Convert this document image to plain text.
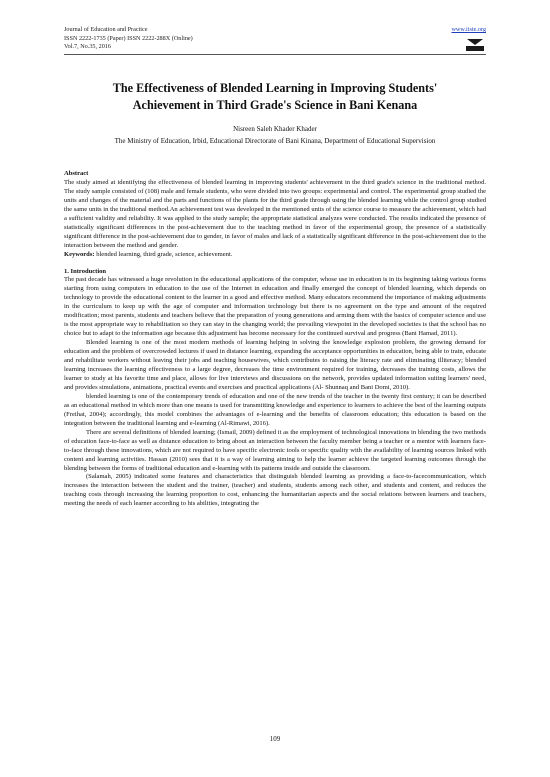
Journal of Education and Practice
ISSN 2222-1735 (Paper) ISSN 2222-288X (Online)
Vol.7, No.35, 2016
www.iiste.org
The Effectiveness of Blended Learning in Improving Students'
Achievement in Third Grade's Science in Bani Kenana
Nisreen Saleh Khader Khader
The Ministry of Education, Irbid, Educational Directorate of Bani Kinana, Department of Educational Supervision

Abstract

The study aimed at identifying the effectiveness of blended learning in improving students' achievement in the third grade's science in the traditional method. The study sample consisted of (108) male and female students, who were divided into two groups: experimental and control. The experimental group studied the units and changes of the material and the parts and functions of the plants for the third grade through using the blended learning while the control group studied the same units in the traditional method.An achievement test was developed in the mentioned units of the science course to measure the achievement, which had a sufficient validity and reliability. It was applied to the study sample; the appropriate statistical analyzes were conducted. The results indicated the presence of statistically significant differences in the post-achievement due to the teaching method in favor of the experimental group, the presence of a statistically significant difference in the post-achievement due to gender, in favor of males and lack of a statistically significant difference in the post-achievement due to the interaction between the method and gender.

Keywords: blended learning, third grade, science, achievement.

1. Introduction

The past decade has witnessed a huge revolution in the educational applications of the computer, whose use in education is in its beginning taking various forms starting from using computers in education to the use of the Internet in education and finally emerged the concept of blended learning, which depends on technology to provide the educational content to the learner in a good and effective method. Many educators recommend the importance of making adjustments in the curriculum to keep up with the age of computer and information technology but there is no agreement on the type and amount of the required modification; most parents, students and teachers believe that the preparation of young generations and arming them with the basics of computer science and use is the most appropriate way to rehabilitation so they can stay in the changing world; the prevailing viewpoint in the developed societies is that the school has no choice but to adapt to the information age because this adjustment has become necessary for the continued survival and progress (Bani Hamad, 2011).

Blended learning is one of the most modern methods of learning helping in solving the knowledge explosion problem, the growing demand for education and the problem of overcrowded lectures if used in distance learning, expanding the acceptance opportunities in education, being able to train, educate and rehabilitate workers without leaving their jobs and teaching housewives, which contributes to raising the literacy rate and eliminating illiteracy; blended learning increases the learning effectiveness to a large degree, decreases the time environment required for training, decreases the training costs, allows the learner to study at his favorite time and place, allows for live interviews and discussions on the network, provides updated information suiting learners' need, and provides simulations, animations, practical events and exercises and practical applications (Al- Shunnaq and Bani Domi, 2010).

blended learning is one of the contemporary trends of education and one of the new trends of the teacher in the twenty first century; it can be described as an educational method in which more than one means is used for transmitting knowledge and experience to learners to achieve the best of the learning outputs (Freihat, 2004); accordingly, this model combines the advantages of e-learning and the benefits of classroom education; this education is based on the integration between the traditional learning and e-learning (Al-Rimawi, 2016).

There are several definitions of blended learning; (Ismail, 2009) defined it as the employment of technological innovations in blending the two methods of education face-to-face as well as distance education to bring about an interaction between the faculty member being a teacher or a mentor with learners face-to-face through these innovations, which are not required to have specific electronic tools or specific quality with the availability of learning sources linked with content and learning activities. Hassan (2010) sees that it is a way of learning aiming to help the learner achieve the targeted learning outcomes through the blending between the forms of traditional education and e-learning with its patterns inside and outside the classroom.

(Salamah, 2005) indicated some features and characteristics that distinguish blended learning as providing a face-to-facecommunication, which increases the interaction between the student and the trainer, (teacher) and students, students among each other, and students and content, and reduces the teaching costs through increasing the learning proportion to cost, enhancing the humanitarian aspects and the social relations between learners and teachers, meeting the needs of each learner according to his abilities, integrating the

109
